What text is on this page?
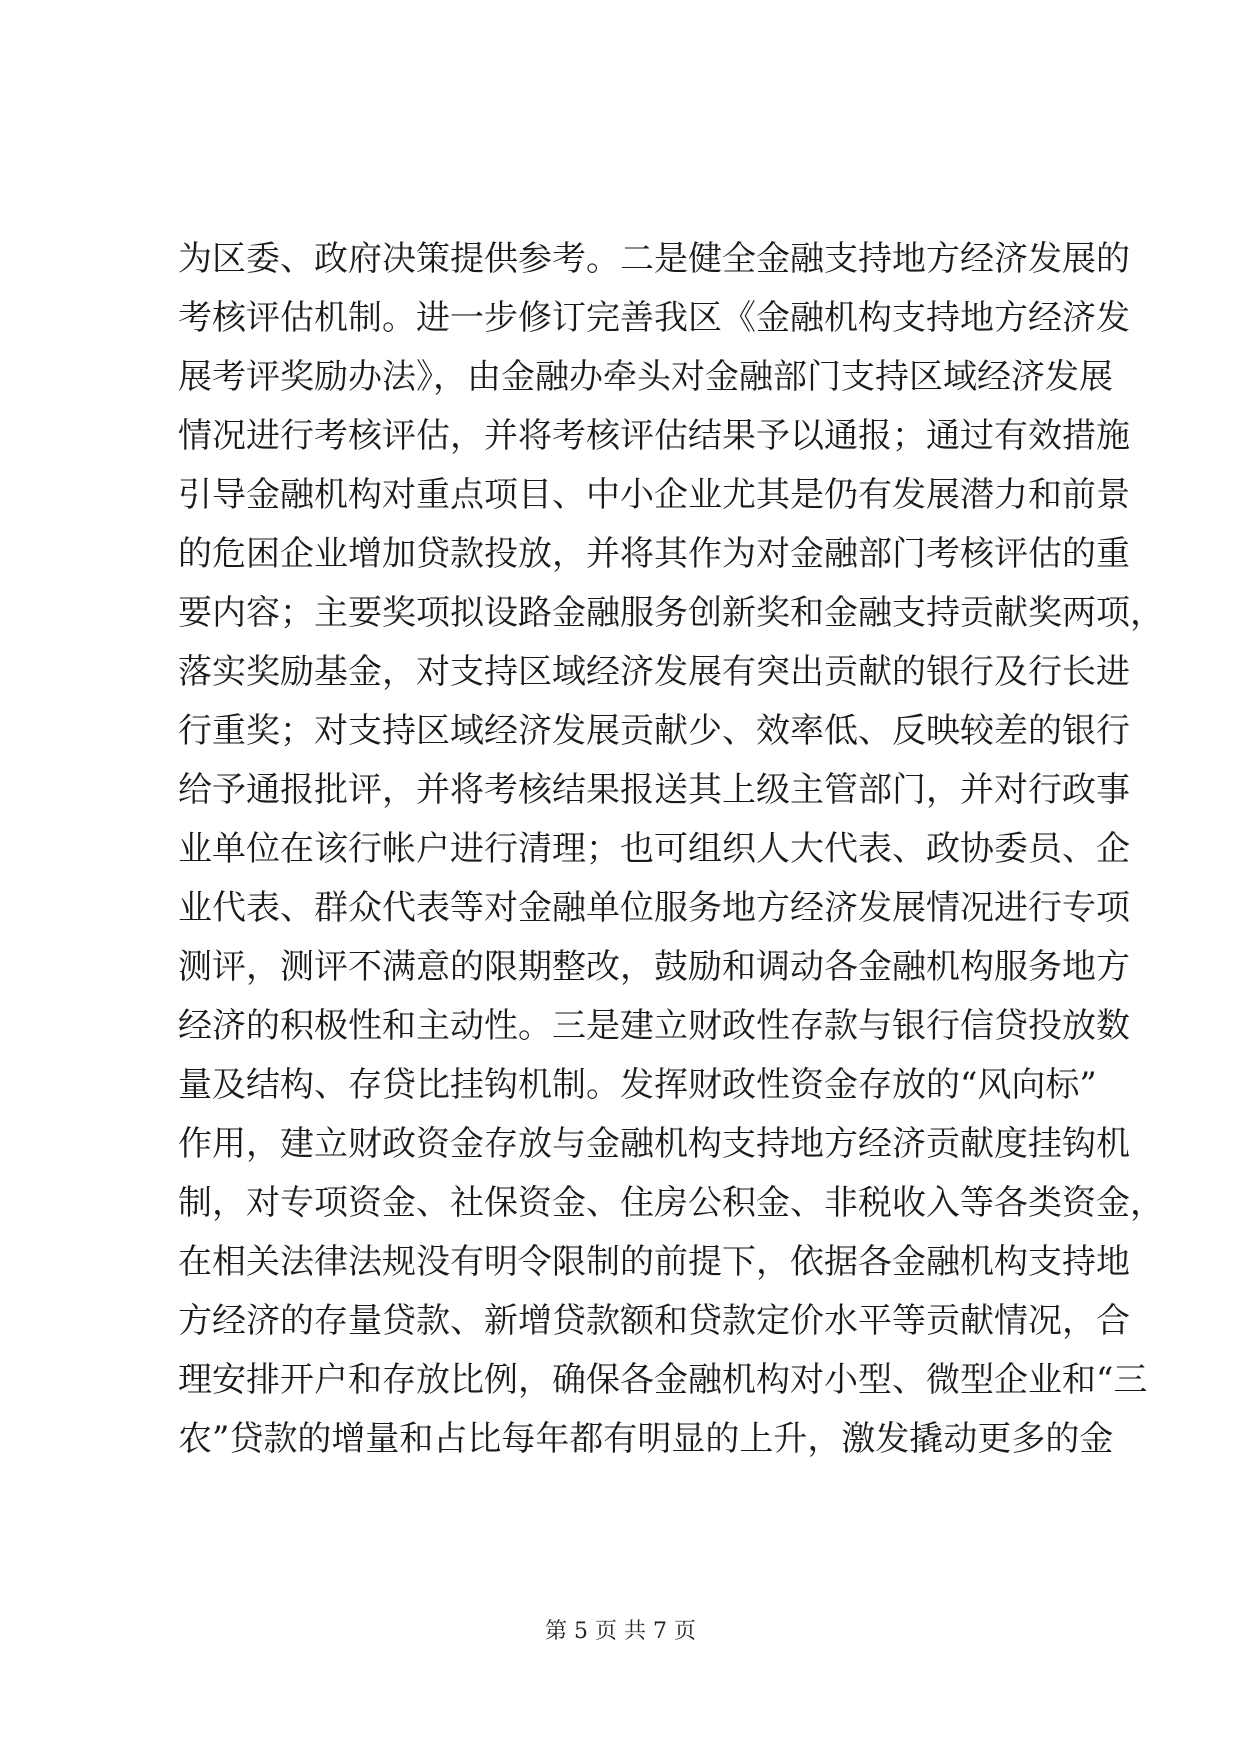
为区委、政府决策提供参考。二是健全金融支持地方经济发展的
考核评估机制。进一步修订完善我区《金融机构支持地方经济发
展考评奖励办法》，由金融办牵头对金融部门支持区域经济发展
情况进行考核评估，并将考核评估结果予以通报；通过有效措施
引导金融机构对重点项目、中小企业尤其是仍有发展潜力和前景
的危困企业增加贷款投放，并将其作为对金融部门考核评估的重
要内容；主要奖项拟设路金融服务创新奖和金融支持贡献奖两项，
落实奖励基金，对支持区域经济发展有突出贡献的银行及行长进
行重奖；对支持区域经济发展贡献少、效率低、反映较差的银行
给予通报批评，并将考核结果报送其上级主管部门，并对行政事
业单位在该行帐户进行清理；也可组织人大代表、政协委员、企
业代表、群众代表等对金融单位服务地方经济发展情况进行专项
测评，测评不满意的限期整改，鼓励和调动各金融机构服务地方
经济的积极性和主动性。三是建立财政性存款与银行信贷投放数
量及结构、存贷比挂钩机制。发挥财政性资金存放的“风向标”
作用，建立财政资金存放与金融机构支持地方经济贡献度挂钩机
制，对专项资金、社保资金、住房公积金、非税收入等各类资金，
在相关法律法规没有明令限制的前提下，依据各金融机构支持地
方经济的存量贷款、新增贷款额和贷款定价水平等贡献情况，合
理安排开户和存放比例，确保各金融机构对小型、微型企业和“三
农”贷款的增量和占比每年都有明显的上升，激发撬动更多的金
第 5 页 共 7 页
